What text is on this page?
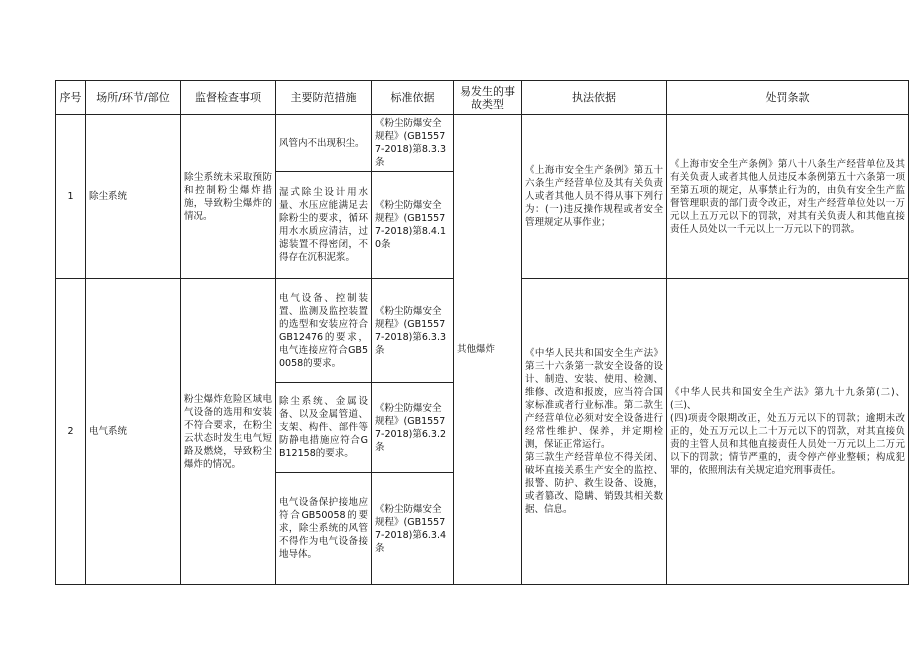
序号	场所/环节/部位	监督检查事项	主要防范措施	标准依据	易发生的事故类型	执法依据	处罚条款
1	除尘系统	除尘系统未采取预防和控制粉尘爆炸措施，导致粉尘爆炸的情况。	风管内不出现积尘。	《粉尘防爆安全规程》(GB15577-2018)第8.3.3条	其他爆炸	《上海市安全生产条例》第五十六条生产经营单位及其有关负责人或者其他人员不得从事下列行为：(一)违反操作规程或者安全管理规定从事作业；	《上海市安全生产条例》第八十八条生产经营单位及其有关负责人或者其他人员违反本条例第五十六条第一项至第五项的规定，从事禁止行为的，由负有安全生产监督管理职责的部门责令改正，对生产经营单位处以一万元以上五万元以下的罚款，对其有关负责人和其他直接责任人员处以一千元以上一万元以下的罚款。
			湿式除尘设计用水量、水压应能满足去除粉尘的要求，循环用水水质应清洁，过滤装置不得密闭，不得存在沉积泥浆。	《粉尘防爆安全规程》(GB15577-2018)第8.4.10条			
2	电气系统	粉尘爆炸危险区域电气设备的选用和安装不符合要求，在粉尘云状态时发生电气短路及燃烧，导致粉尘爆炸的情况。	电气设备、控制装置、监测及监控装置的选型和安装应符合GB12476的要求，电气连接应符合GB50058的要求。	《粉尘防爆安全规程》(GB15577-2018)第6.3.3条		《中华人民共和国安全生产法》第三十六条第一款安全设备的设计、制造、安装、使用、检测、维修、改造和报废，应当符合国家标准或者行业标准。第二款生产经营单位必须对安全设备进行经常性维护、保养，并定期检测，保证正常运行。
第三款生产经营单位不得关闭、破坏直接关系生产安全的监控、报警、防护、救生设备、设施，或者篡改、隐瞒、销毁其相关数据、信息。	《中华人民共和国安全生产法》第九十九条第(二)、(三)、
(四)项责令限期改正，处五万元以下的罚款；逾期未改正的，处五万元以上二十万元以下的罚款，对其直接负责的主管人员和其他直接责任人员处一万元以上二万元以下的罚款；情节严重的，责令停产停业整顿；构成犯罪的，依照刑法有关规定追究刑事责任。
			除尘系统、金属设备、以及金属管道、支架、构件、部件等防静电措施应符合GB12158的要求。	《粉尘防爆安全规程》(GB15577-2018)第6.3.2条			
			电气设备保护接地应符合GB50058的要求，除尘系统的风管不得作为电气设备接地导体。	《粉尘防爆安全规程》(GB15577-2018)第6.3.4条			
